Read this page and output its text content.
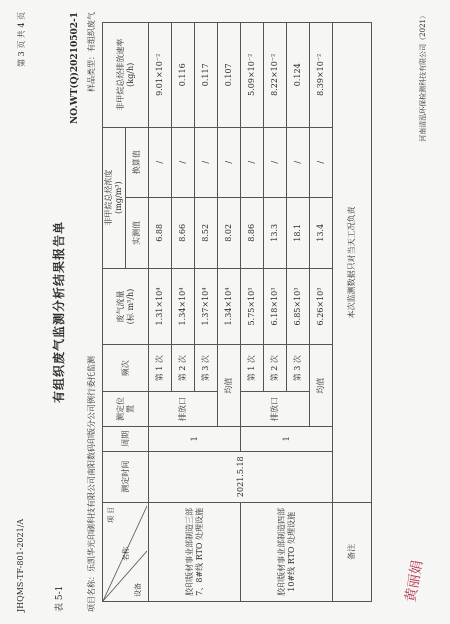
JHQMS-TF-801-2021/A
第 3 页 共 4 页
表 5-1
有组织废气监测分析结果报告单
NO.WT(Q)20210502-1
项目名称：乐凯华光印刷科技有限公司南阳数码印版分公司例行委托监测
样品类型：有组织废气
项 目
名称
设备	测定时间	周期	测定位置	频次	废气流量
(标 m³/h)	非甲烷总烃浓度
(mg/m³)		非甲烷总烃排放速率
(kg/h)
						实测值	换算值	
胶印版材事业部制造三部 7、8#线 RTO 处理设施	2021.5.18	1	排放口	第 1 次	1.31×10⁴	6.88	/	9.01×10⁻²
				第 2 次	1.34×10⁴	8.66	/	0.116
				第 3 次	1.37×10⁴	8.52	/	0.117
			均值		1.34×10⁴	8.02	/	0.107
胶印版材事业部制造四部 10#线 RTO 处理设施		1	排放口	第 1 次	5.75×10³	8.86	/	5.09×10⁻²
				第 2 次	6.18×10³	13.3	/	8.22×10⁻²
				第 3 次	6.85×10³	18.1	/	0.124
			均值		6.26×10³	13.4	/	8.39×10⁻²
备注	本次监测数据只对当天工况负责							
河南清泓环保检测科技有限公司（2021）
黄丽娟
